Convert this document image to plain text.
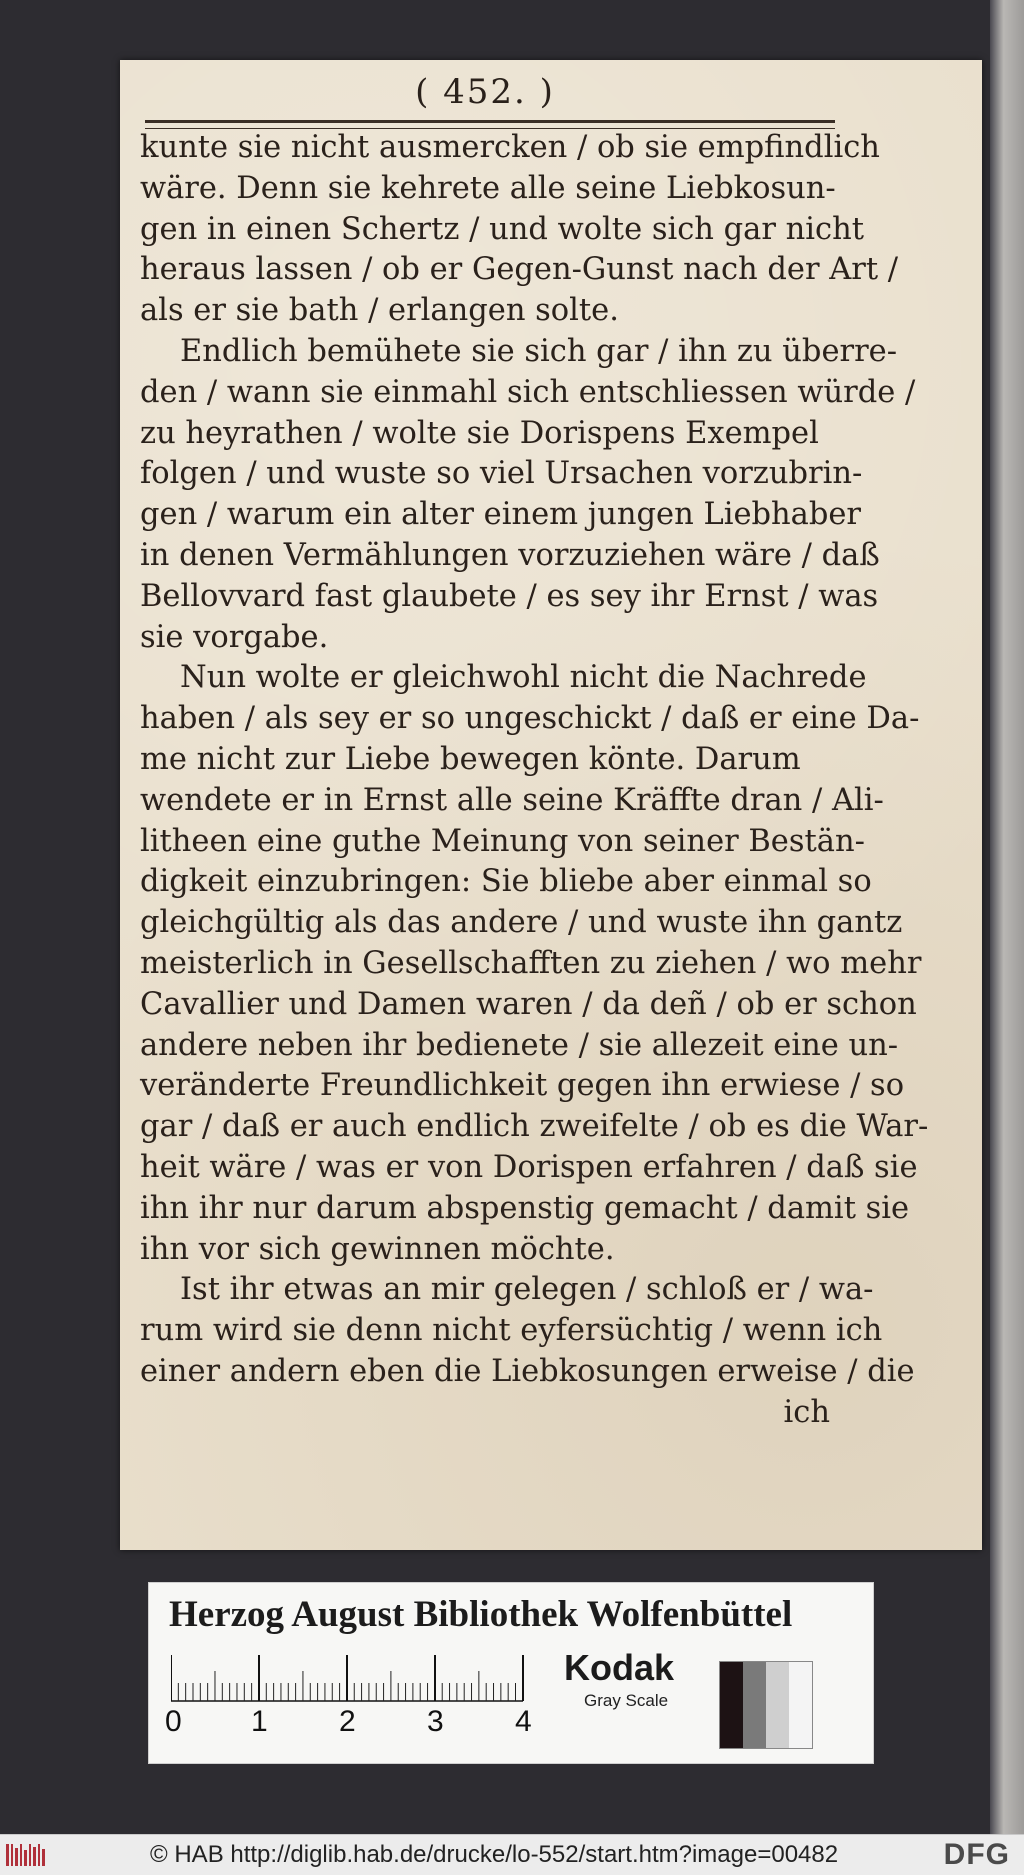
( 452. )
kunte sie nicht ausmercken / ob sie empfindlich
wäre. Denn sie kehrete alle seine Liebkosun-
gen in einen Schertz / und wolte sich gar nicht
heraus lassen / ob er Gegen-Gunst nach der Art /
als er sie bath / erlangen solte.
Endlich bemühete sie sich gar / ihn zu überre-
den / wann sie einmahl sich entschliessen würde /
zu heyrathen / wolte sie Dorispens Exempel
folgen / und wuste so viel Ursachen vorzubrin-
gen / warum ein alter einem jungen Liebhaber
in denen Vermählungen vorzuziehen wäre / daß
Bellovvard fast glaubete / es sey ihr Ernst / was
sie vorgabe.
Nun wolte er gleichwohl nicht die Nachrede
haben / als sey er so ungeschickt / daß er eine Da-
me nicht zur Liebe bewegen könte. Darum
wendete er in Ernst alle seine Kräffte dran / Ali-
litheen eine guthe Meinung von seiner Bestän-
digkeit einzubringen: Sie bliebe aber einmal so
gleichgültig als das andere / und wuste ihn gantz
meisterlich in Gesellschafften zu ziehen / wo mehr
Cavallier und Damen waren / da deñ / ob er schon
andere neben ihr bedienete / sie allezeit eine un-
veränderte Freundlichkeit gegen ihn erwiese / so
gar / daß er auch endlich zweifelte / ob es die War-
heit wäre / was er von Dorispen erfahren / daß sie
ihn ihr nur darum abspenstig gemacht / damit sie
ihn vor sich gewinnen möchte.
Ist ihr etwas an mir gelegen / schloß er / wa-
rum wird sie denn nicht eyfersüchtig / wenn ich
einer andern eben die Liebkosungen erweise / die
ich
Herzog August Bibliothek Wolfenbüttel
0 1 2 3 4
Kodak
Gray Scale
© HAB http://diglib.hab.de/drucke/lo-552/start.htm?image=00482	DFG
